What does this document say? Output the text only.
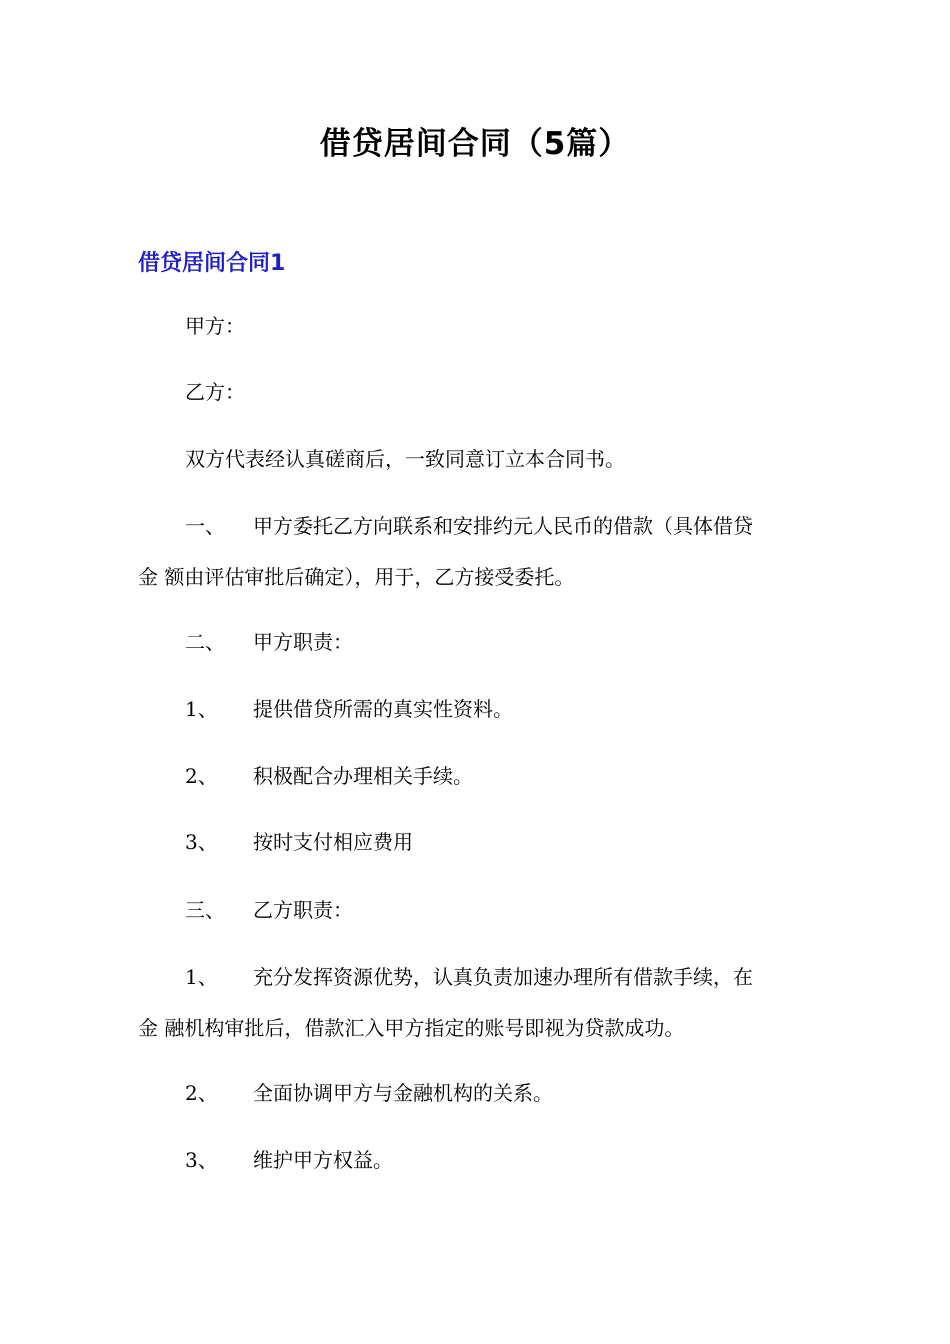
借贷居间合同（5篇）
借贷居间合同1
甲方：
乙方：
双方代表经认真磋商后，一致同意订立本合同书。
一、 甲方委托乙方向联系和安排约元人民币的借款（具体借贷
金 额由评估审批后确定），用于，乙方接受委托。
二、 甲方职责：
1、 提供借贷所需的真实性资料。
2、 积极配合办理相关手续。
3、 按时支付相应费用
三、 乙方职责：
1、 充分发挥资源优势，认真负责加速办理所有借款手续，在
金 融机构审批后，借款汇入甲方指定的账号即视为贷款成功。
2、 全面协调甲方与金融机构的关系。
3、 维护甲方权益。
